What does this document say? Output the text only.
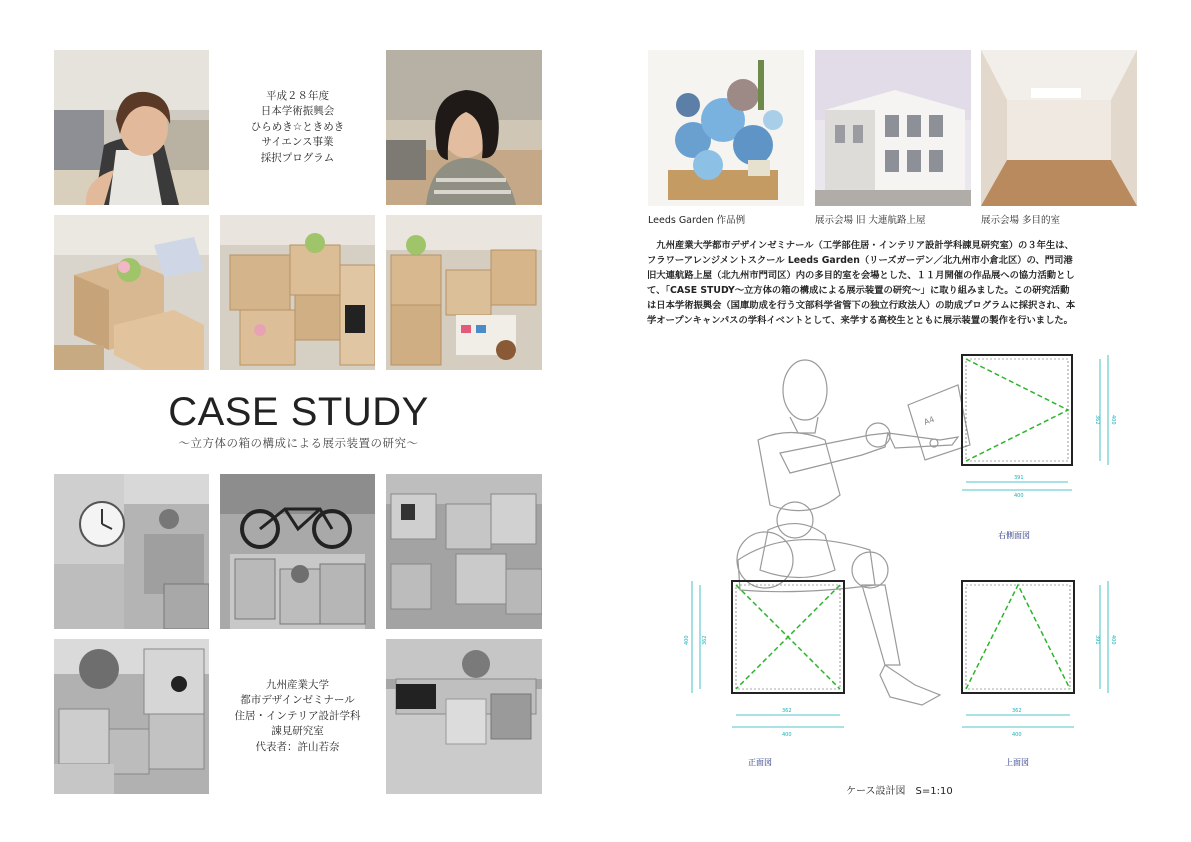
平成２８年度
日本学術振興会
ひらめき☆ときめき
サイエンス事業
採択プログラム
CASE STUDY
〜立方体の箱の構成による展示装置の研究〜
九州産業大学
都市デザインゼミナール
住居・インテリア設計学科
諌見研究室
代表者：許山若奈
Leeds Garden 作品例	展示会場 旧 大連航路上屋	展示会場 多目的室
　九州産業大学都市デザインゼミナール（工学部住居・インテリア設計学科諌見研究室）の３年生は、
フラワーアレンジメントスクール Leeds Garden（リーズガーデン／北九州市小倉北区）の、門司港
旧大連航路上屋（北九州市門司区）内の多目的室を会場とした、１１月開催の作品展への協力活動とし
て、「CASE STUDY〜立方体の箱の構成による展示装置の研究〜」に取り組みました。この研究活動
は日本学術振興会（国庫助成を行う文部科学省管下の独立行政法人）の助成プログラムに採択され、本
学オープンキャンパスの学科イベントとして、来学する高校生とともに展示装置の製作を行いました。
A4
391
400
362 400
362
400
400 362
362
400
391 400
右側面図
正面図	上面図
ケース設計図　S=1:10
